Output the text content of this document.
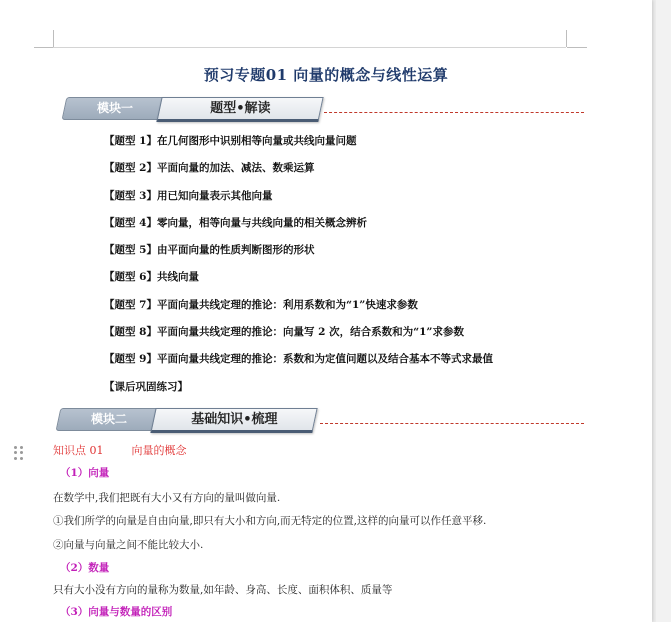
预习专题01 向量的概念与线性运算
模块一	题型•解读
【题型 1】在几何图形中识别相等向量或共线向量问题
【题型 2】平面向量的加法、减法、数乘运算
【题型 3】用已知向量表示其他向量
【题型 4】零向量，相等向量与共线向量的相关概念辨析
【题型 5】由平面向量的性质判断图形的形状
【题型 6】共线向量
【题型 7】平面向量共线定理的推论：利用系数和为“1”快速求参数
【题型 8】平面向量共线定理的推论：向量写 2 次，结合系数和为“1”求参数
【题型 9】平面向量共线定理的推论：系数和为定值问题以及结合基本不等式求最值
【课后巩固练习】
模块二	基础知识•梳理
知识点 01	向量的概念
（1）向量
在数学中,我们把既有大小又有方向的量叫做向量.
①我们所学的向量是自由向量,即只有大小和方向,而无特定的位置,这样的向量可以作任意平移.
②向量与向量之间不能比较大小.
（2）数量
只有大小没有方向的量称为数量,如年龄、身高、长度、面积体积、质量等
（3）向量与数量的区别
